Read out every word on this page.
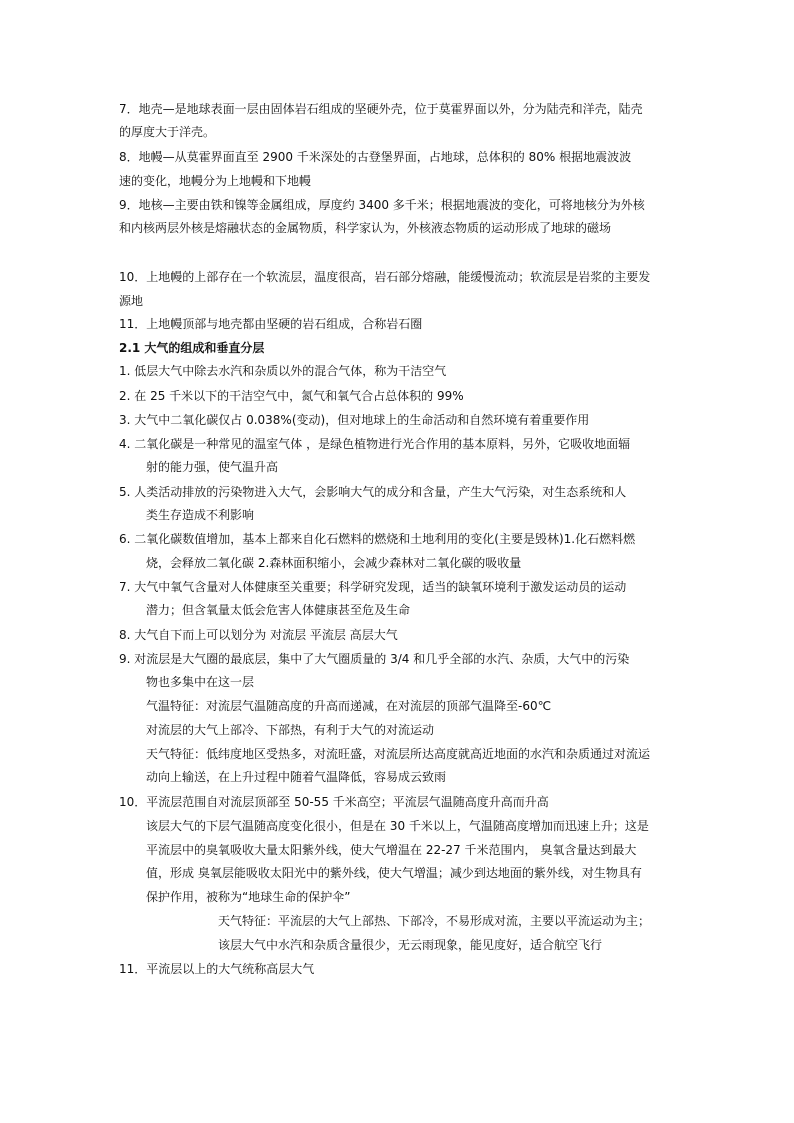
7．地壳—是地球表面一层由固体岩石组成的坚硬外壳，位于莫霍界面以外，分为陆壳和洋壳，陆壳
的厚度大于洋壳。
8．地幔—从莫霍界面直至 2900 千米深处的古登堡界面，占地球，总体积的 80% 根据地震波波
速的变化，地幔分为上地幔和下地幔
9．地核—主要由铁和镍等金属组成，厚度约 3400 多千米；根据地震波的变化，可将地核分为外核
和内核两层外核是熔融状态的金属物质，科学家认为，外核液态物质的运动形成了地球的磁场
10．上地幔的上部存在一个软流层，温度很高，岩石部分熔融，能缓慢流动；软流层是岩浆的主要发
源地
11．上地幔顶部与地壳都由坚硬的岩石组成，合称岩石圈
2.1 大气的组成和垂直分层
1. 低层大气中除去水汽和杂质以外的混合气体，称为干洁空气
2. 在 25 千米以下的干洁空气中，氮气和氧气合占总体积的 99%
3. 大气中二氧化碳仅占 0.038%(变动)，但对地球上的生命活动和自然环境有着重要作用
4. 二氧化碳是一种常见的温室气体 ，是绿色植物进行光合作用的基本原料，另外，它吸收地面辐
射的能力强，使气温升高
5. 人类活动排放的污染物进入大气，会影响大气的成分和含量，产生大气污染，对生态系统和人
类生存造成不利影响
6. 二氧化碳数值增加，基本上都来自化石燃料的燃烧和土地利用的变化(主要是毁林)1.化石燃料燃
烧，会释放二氧化碳 2.森林面积缩小，会减少森林对二氧化碳的吸收量
7. 大气中氧气含量对人体健康至关重要；科学研究发现，适当的缺氧环境利于激发运动员的运动
潜力；但含氧量太低会危害人体健康甚至危及生命
8. 大气自下而上可以划分为 对流层 平流层 高层大气
9. 对流层是大气圈的最底层，集中了大气圈质量的 3/4 和几乎全部的水汽、杂质，大气中的污染
物也多集中在这一层
气温特征：对流层气温随高度的升高而递减，在对流层的顶部气温降至-60℃
对流层的大气上部冷、下部热，有利于大气的对流运动
天气特征：低纬度地区受热多，对流旺盛，对流层所达高度就高近地面的水汽和杂质通过对流运
动向上输送，在上升过程中随着气温降低，容易成云致雨
10．平流层范围自对流层顶部至 50-55 千米高空；平流层气温随高度升高而升高
该层大气的下层气温随高度变化很小，但是在 30 千米以上，气温随高度增加而迅速上升；这是
平流层中的臭氧吸收大量太阳紫外线，使大气增温在 22-27 千米范围内， 臭氧含量达到最大
值，形成 臭氧层能吸收太阳光中的紫外线，使大气增温；减少到达地面的紫外线，对生物具有
保护作用，被称为“地球生命的保护伞”
天气特征：平流层的大气上部热、下部冷，不易形成对流，主要以平流运动为主；
该层大气中水汽和杂质含量很少，无云雨现象，能见度好，适合航空飞行
11．平流层以上的大气统称高层大气
